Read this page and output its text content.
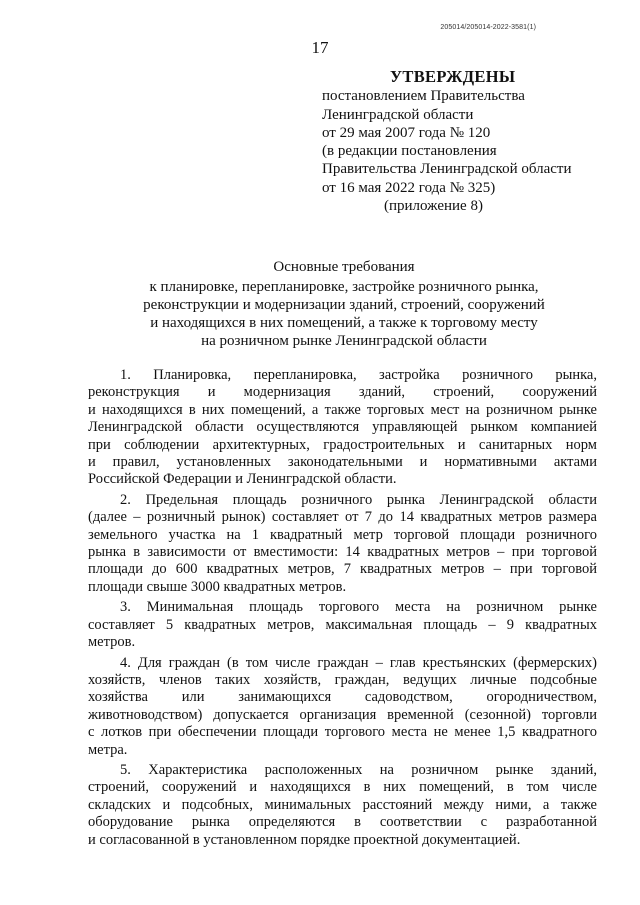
205014/205014-2022-3581(1)
17
УТВЕРЖДЕНЫ
постановлением Правительства
Ленинградской области
от 29 мая 2007 года № 120
(в редакции постановления
Правительства Ленинградской области
от 16 мая 2022 года № 325)
(приложение 8)
Основные требования
к планировке, перепланировке, застройке розничного рынка,
реконструкции и модернизации зданий, строений, сооружений
и находящихся в них помещений, а также к торговому месту
на розничном рынке Ленинградской области
1. Планировка, перепланировка, застройка розничного рынка,
реконструкция и модернизация зданий, строений, сооружений
и находящихся в них помещений, а также торговых мест на розничном рынке
Ленинградской области осуществляются управляющей рынком компанией
при соблюдении архитектурных, градостроительных и санитарных норм
и правил, установленных законодательными и нормативными актами
Российской Федерации и Ленинградской области.
2. Предельная площадь розничного рынка Ленинградской области
(далее – розничный рынок) составляет от 7 до 14 квадратных метров размера
земельного участка на 1 квадратный метр торговой площади розничного
рынка в зависимости от вместимости: 14 квадратных метров – при торговой
площади до 600 квадратных метров, 7 квадратных метров – при торговой
площади свыше 3000 квадратных метров.
3. Минимальная площадь торгового места на розничном рынке
составляет 5 квадратных метров, максимальная площадь – 9 квадратных
метров.
4. Для граждан (в том числе граждан – глав крестьянских (фермерских)
хозяйств, членов таких хозяйств, граждан, ведущих личные подсобные
хозяйства или занимающихся садоводством, огородничеством,
животноводством) допускается организация временной (сезонной) торговли
с лотков при обеспечении площади торгового места не менее 1,5 квадратного
метра.
5. Характеристика расположенных на розничном рынке зданий,
строений, сооружений и находящихся в них помещений, в том числе
складских и подсобных, минимальных расстояний между ними, а также
оборудование рынка определяются в соответствии с разработанной
и согласованной в установленном порядке проектной документацией.
